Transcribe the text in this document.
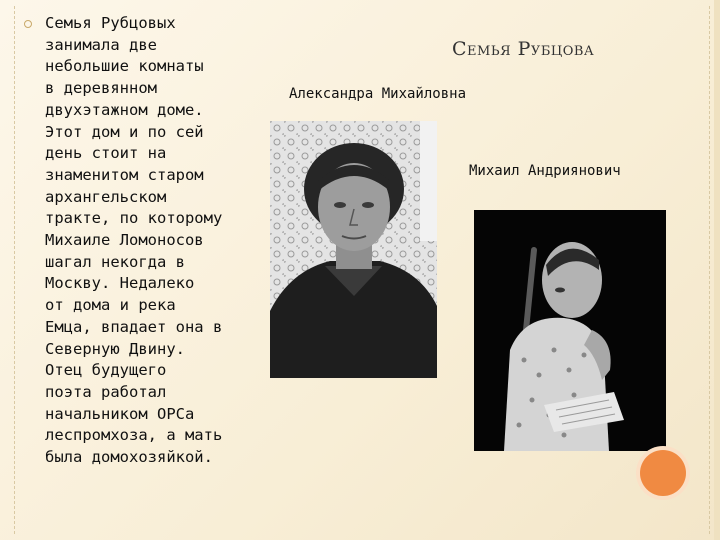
Семья Рубцовых
занимала две
небольшие комнаты
в деревянном
двухэтажном доме.
Этот дом и по сей
день стоит на
знаменитом старом
архангельском
тракте, по которому
Михаиле Ломоносов
шагал некогда в
Москву. Недалеко
от дома и река
Емца, впадает она в
Северную Двину.
Отец будущего
поэта работал
начальником ОРСа
леспромхоза, а мать
была домохозяйкой.

Семья Рубцова

Александра Михайловна

Михаил Андриянович
